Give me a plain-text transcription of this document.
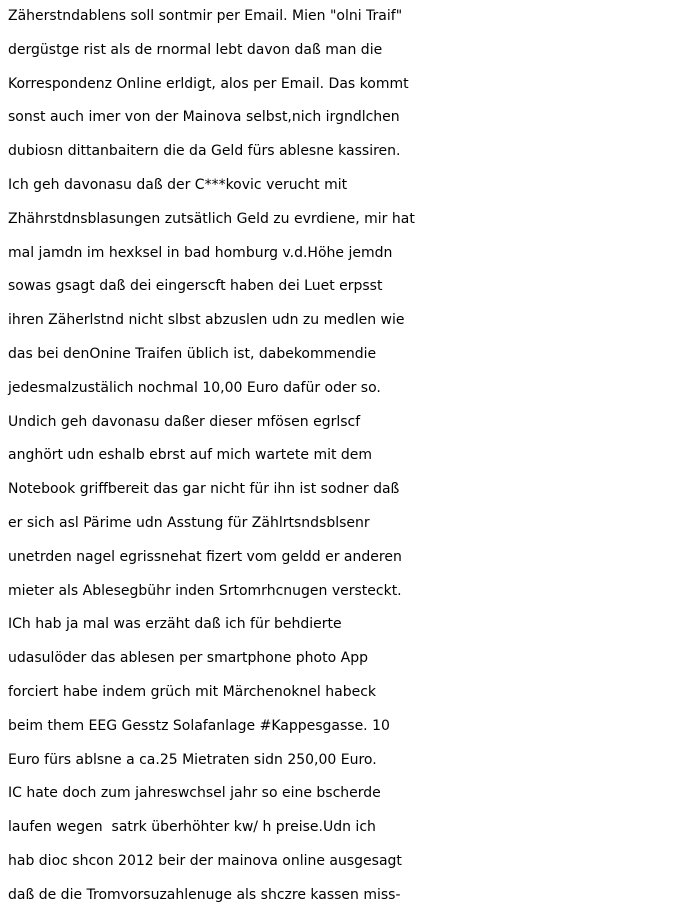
Zäherstndablens soll sontmir per Email. Mien "olni Traif"
dergüstge rist als de rnormal lebt davon daß man die
Korrespondenz Online erldigt, alos per Email. Das kommt
sonst auch imer von der Mainova selbst,nich irgndlchen
dubiosn dittanbaitern die da Geld fürs ablesne kassiren.
Ich geh davonasu daß der C***kovic verucht mit
Zhährstdnsblasungen zutsätlich Geld zu evrdiene, mir hat
mal jamdn im hexksel in bad homburg v.d.Höhe jemdn
sowas gsagt daß dei eingerscft haben dei Luet erpsst
ihren Zäherlstnd nicht slbst abzuslen udn zu medlen wie
das bei denOnine Traifen üblich ist, dabekommendie
jedesmalzustälich nochmal 10,00 Euro dafür oder so.
Undich geh davonasu daßer dieser mfösen egrlscf
anghört udn eshalb ebrst auf mich wartete mit dem
Notebook griffbereit das gar nicht für ihn ist sodner daß
er sich asl Pärime udn Asstung für Zählrtsndsblsenr
unetrden nagel egrissnehat fizert vom geldd er anderen
mieter als Ablesegbühr inden Srtomrhcnugen versteckt.
ICh hab ja mal was erzäht daß ich für behdierte
udasulöder das ablesen per smartphone photo App
forciert habe indem grüch mit Märchenoknel habeck
beim them EEG Gesstz Solafanlage #Kappesgasse. 10
Euro fürs ablsne a ca.25 Mietraten sidn 250,00 Euro.
IC hate doch zum jahreswchsel jahr so eine bscherde
laufen wegen  satrk überhöhter kw/ h preise.Udn ich
hab dioc shcon 2012 beir der mainova online ausgesagt
daß de die Tromvorsuzahlenuge als shczre kassen miss-
